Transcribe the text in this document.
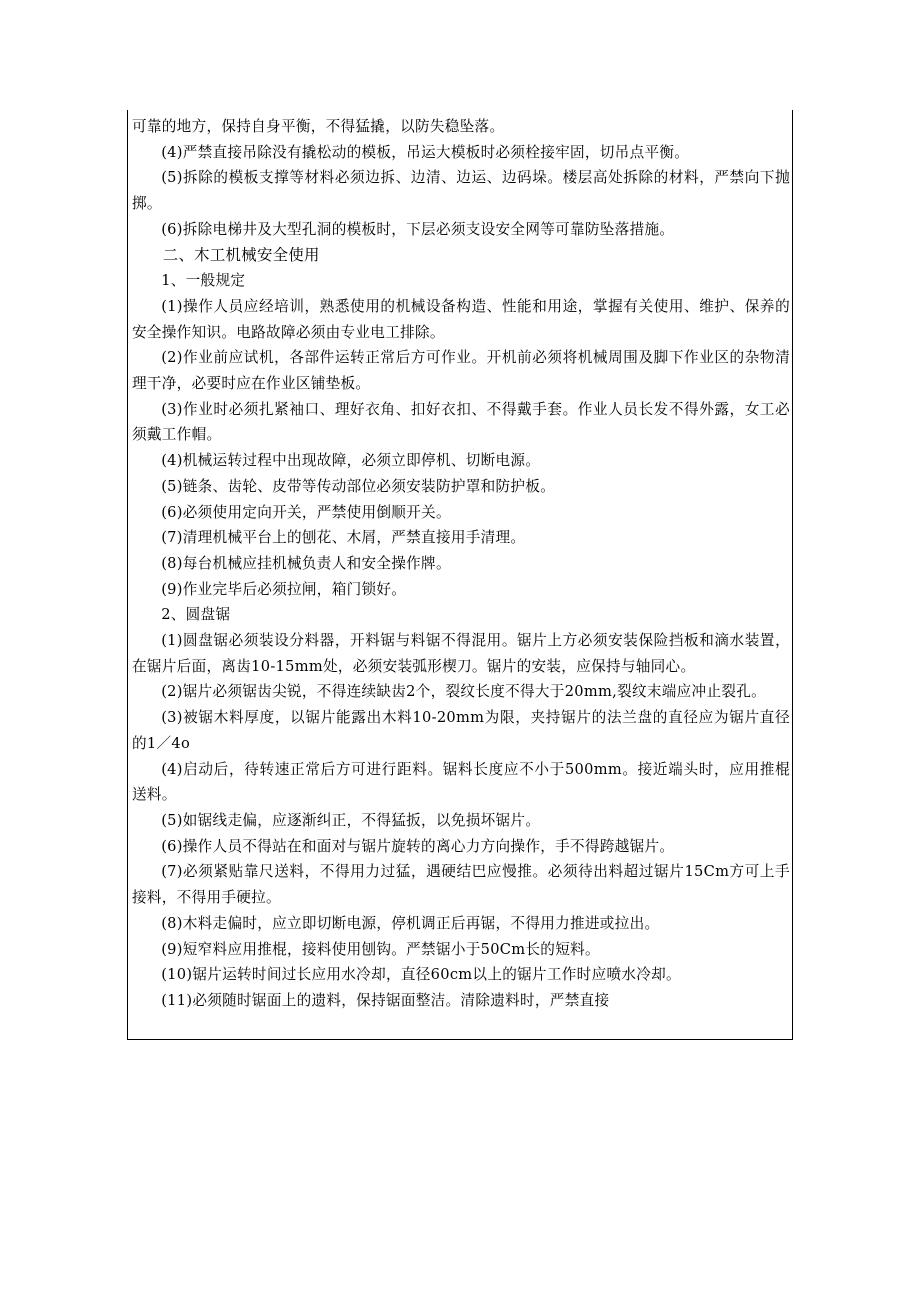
可靠的地方，保持自身平衡，不得猛撬，以防失稳坠落。

(4)严禁直接吊除没有撬松动的模板，吊运大模板时必须栓接牢固，切吊点平衡。

(5)拆除的模板支撑等材料必须边拆、边清、边运、边码垛。楼层高处拆除的材料，严禁向下抛掷。

(6)拆除电梯井及大型孔洞的模板时，下层必须支设安全网等可靠防坠落措施。

二、木工机械安全使用

1、一般规定

(1)操作人员应经培训，熟悉使用的机械设备构造、性能和用途，掌握有关使用、维护、保养的安全操作知识。电路故障必须由专业电工排除。

(2)作业前应试机，各部件运转正常后方可作业。开机前必须将机械周围及脚下作业区的杂物清理干净，必要时应在作业区铺垫板。

(3)作业时必须扎紧袖口、理好衣角、扣好衣扣、不得戴手套。作业人员长发不得外露，女工必须戴工作帽。

(4)机械运转过程中出现故障，必须立即停机、切断电源。

(5)链条、齿轮、皮带等传动部位必须安装防护罩和防护板。

(6)必须使用定向开关，严禁使用倒顺开关。

(7)清理机械平台上的刨花、木屑，严禁直接用手清理。

(8)每台机械应挂机械负责人和安全操作牌。

(9)作业完毕后必须拉闸，箱门锁好。

2、圆盘锯

(1)圆盘锯必须装设分料器，开料锯与料锯不得混用。锯片上方必须安装保险挡板和滴水装置，在锯片后面，离齿10-15mm处，必须安装弧形楔刀。锯片的安装，应保持与轴同心。

(2)锯片必须锯齿尖锐，不得连续缺齿2个，裂纹长度不得大于20mm,裂纹末端应冲止裂孔。

(3)被锯木料厚度，以锯片能露出木料10-20mm为限，夹持锯片的法兰盘的直径应为锯片直径的1／4o

(4)启动后，待转速正常后方可进行距料。锯料长度应不小于500mm。接近端头时，应用推棍送料。

(5)如锯线走偏，应逐渐纠正，不得猛扳，以免损坏锯片。

(6)操作人员不得站在和面对与锯片旋转的离心力方向操作，手不得跨越锯片。

(7)必须紧贴靠尺送料，不得用力过猛，遇硬结巴应慢推。必须待出料超过锯片15Cm方可上手接料，不得用手硬拉。

(8)木料走偏时，应立即切断电源，停机调正后再锯，不得用力推进或拉出。

(9)短窄料应用推棍，接料使用刨钩。严禁锯小于50Cm长的短料。

(10)锯片运转时间过长应用水冷却，直径60cm以上的锯片工作时应喷水冷却。

(11)必须随时锯面上的遗料，保持锯面整洁。清除遗料时，严禁直接
